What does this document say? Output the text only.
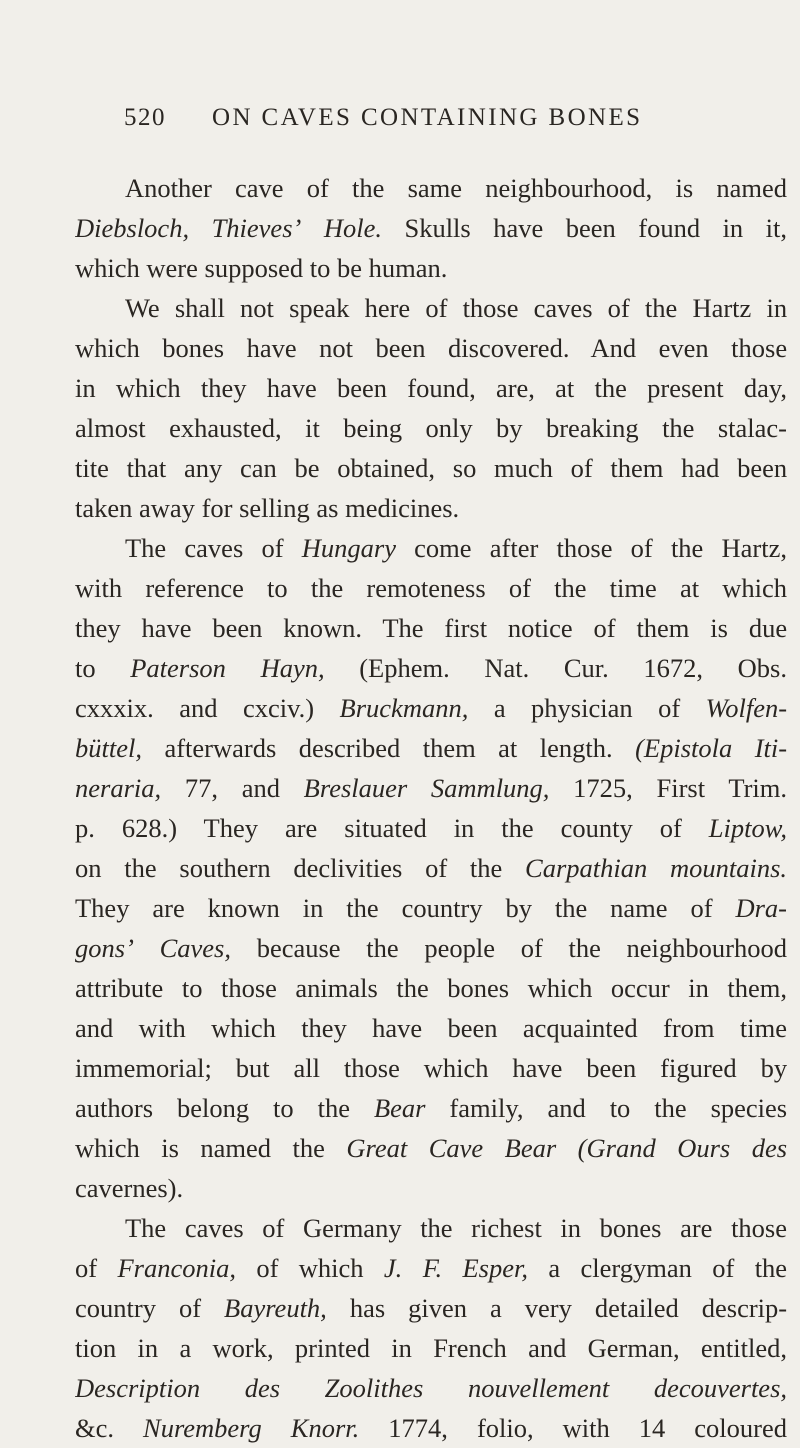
520 ON CAVES CONTAINING BONES
Another cave of the same neighbourhood, is named
Diebsloch, Thieves’ Hole. Skulls have been found in it,
which were supposed to be human.
We shall not speak here of those caves of the Hartz in
which bones have not been discovered. And even those
in which they have been found, are, at the present day,
almost exhausted, it being only by breaking the stalac-
tite that any can be obtained, so much of them had been
taken away for selling as medicines.
The caves of Hungary come after those of the Hartz,
with reference to the remoteness of the time at which
they have been known. The first notice of them is due
to Paterson Hayn, (Ephem. Nat. Cur. 1672, Obs.
cxxxix. and cxciv.) Bruckmann, a physician of Wolfen-
büttel, afterwards described them at length. (Epistola Iti-
neraria, 77, and Breslauer Sammlung, 1725, First Trim.
p. 628.) They are situated in the county of Liptow,
on the southern declivities of the Carpathian mountains.
They are known in the country by the name of Dra-
gons’ Caves, because the people of the neighbourhood
attribute to those animals the bones which occur in them,
and with which they have been acquainted from time
immemorial; but all those which have been figured by
authors belong to the Bear family, and to the species
which is named the Great Cave Bear (Grand Ours des
cavernes).
The caves of Germany the richest in bones are those
of Franconia, of which J. F. Esper, a clergyman of the
country of Bayreuth, has given a very detailed descrip-
tion in a work, printed in French and German, entitled,
Description des Zoolithes nouvellement decouvertes,
&c. Nuremberg Knorr. 1774, folio, with 14 coloured
